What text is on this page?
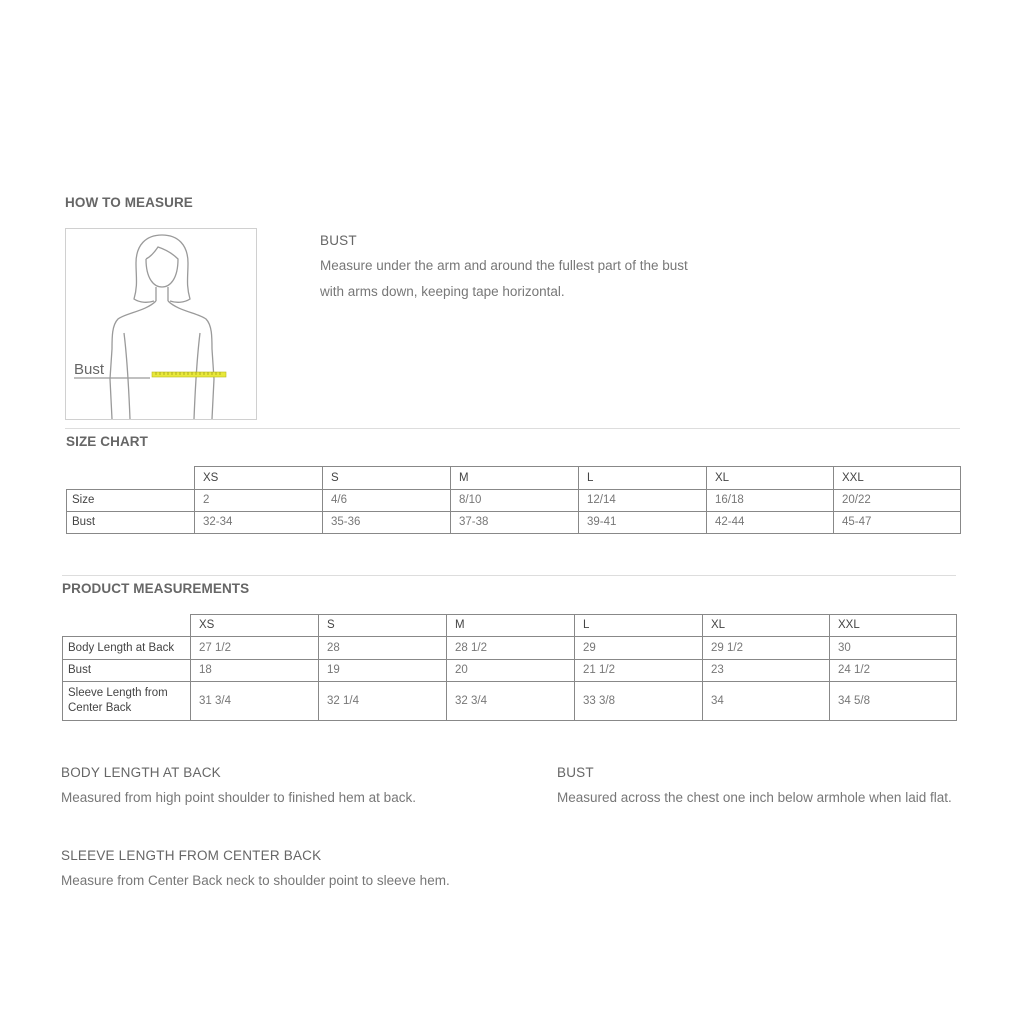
HOW TO MEASURE
Bust
BUST
Measure under the arm and around the fullest part of the bust
with arms down, keeping tape horizontal.
SIZE CHART
	XS	S	M	L	XL	XXL
Size	2	4/6	8/10	12/14	16/18	20/22
Bust	32-34	35-36	37-38	39-41	42-44	45-47
PRODUCT MEASUREMENTS
	XS	S	M	L	XL	XXL
Body Length at Back	27 1/2	28	28 1/2	29	29 1/2	30
Bust	18	19	20	21 1/2	23	24 1/2
Sleeve Length from
Center Back	31 3/4	32 1/4	32 3/4	33 3/8	34	34 5/8
BODY LENGTH AT BACK
Measured from high point shoulder to finished hem at back.
BUST
Measured across the chest one inch below armhole when laid flat.
SLEEVE LENGTH FROM CENTER BACK
Measure from Center Back neck to shoulder point to sleeve hem.
